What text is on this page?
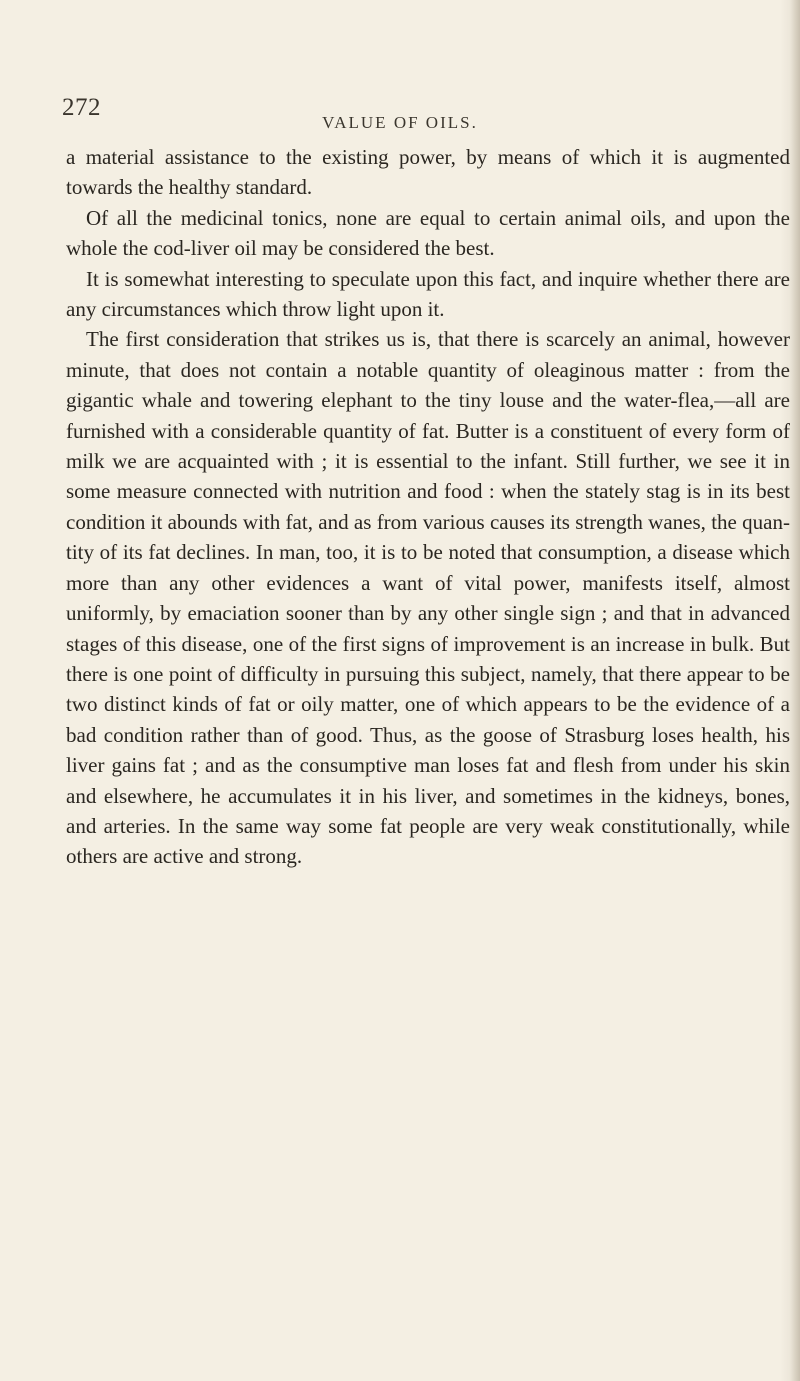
272
VALUE OF OILS.

a material assistance to the existing power, by means of which it is augmented towards the healthy standard.

Of all the medicinal tonics, none are equal to certain animal oils, and upon the whole the cod-liver oil may be considered the best.

It is somewhat interesting to speculate upon this fact, and inquire whether there are any circumstances which throw light upon it.

The first consideration that strikes us is, that there is scarcely an animal, however minute, that does not contain a notable quantity of oleaginous matter : from the gigantic whale and towering elephant to the tiny louse and the water-flea,—all are furnished with a considerable quantity of fat. Butter is a constituent of every form of milk we are acquainted with ; it is essential to the infant. Still further, we see it in some measure connected with nutrition and food : when the stately stag is in its best condition it abounds with fat, and as from various causes its strength wanes, the quan-tity of its fat declines. In man, too, it is to be noted that consumption, a disease which more than any other evidences a want of vital power, manifests itself, almost uniformly, by emaciation sooner than by any other single sign ; and that in advanced stages of this disease, one of the first signs of improvement is an increase in bulk. But there is one point of difficulty in pursuing this subject, namely, that there appear to be two distinct kinds of fat or oily matter, one of which appears to be the evidence of a bad condition rather than of good. Thus, as the goose of Strasburg loses health, his liver gains fat ; and as the consumptive man loses fat and flesh from under his skin and elsewhere, he accumulates it in his liver, and sometimes in the kidneys, bones, and arteries. In the same way some fat people are very weak constitutionally, while others are active and strong.
